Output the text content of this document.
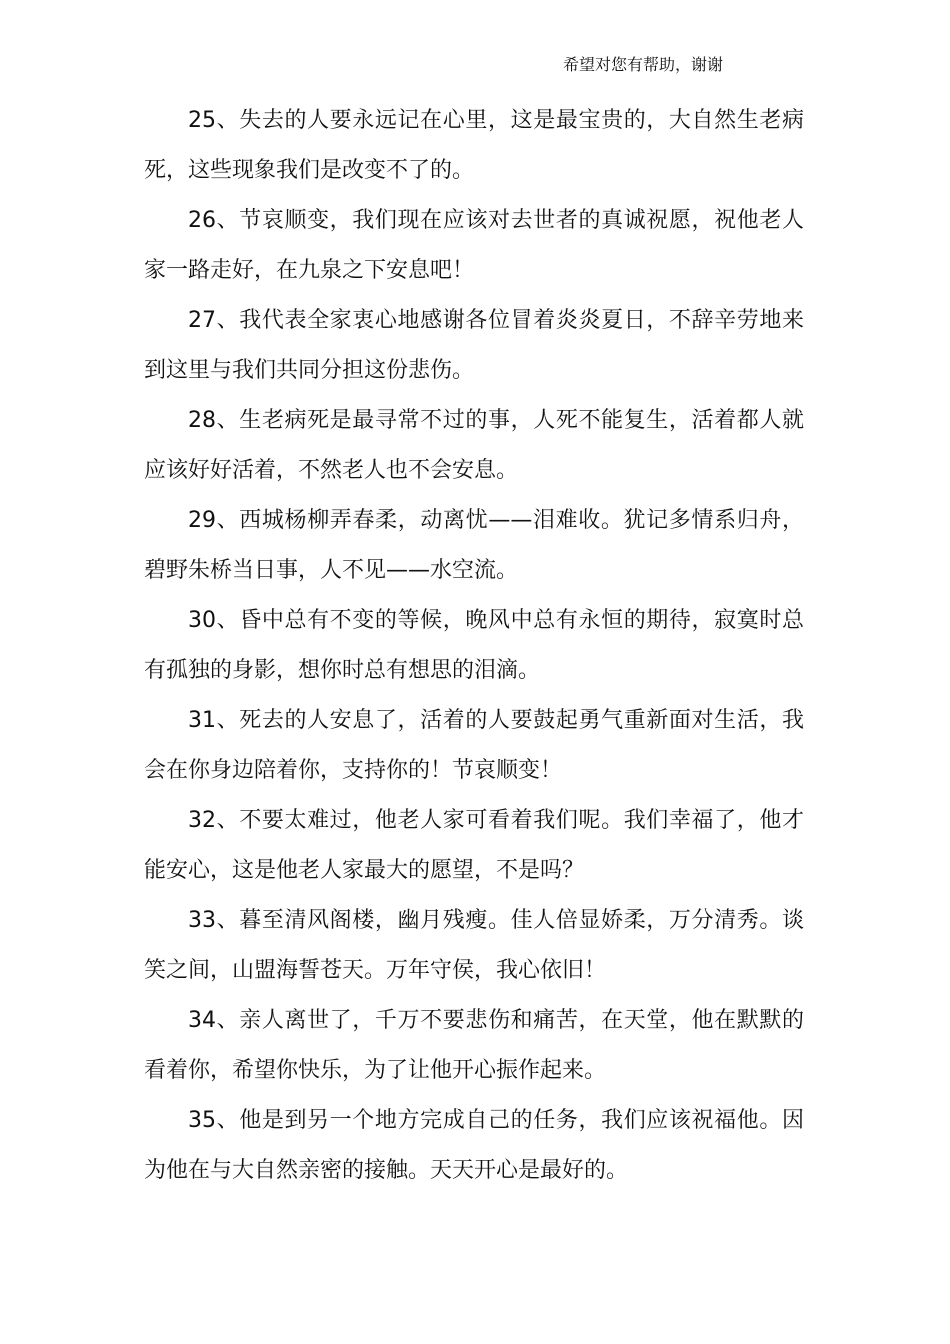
希望对您有帮助，谢谢

25、失去的人要永远记在心里，这是最宝贵的，大自然生老病死，这些现象我们是改变不了的。

26、节哀顺变，我们现在应该对去世者的真诚祝愿，祝他老人家一路走好，在九泉之下安息吧！

27、我代表全家衷心地感谢各位冒着炎炎夏日，不辞辛劳地来到这里与我们共同分担这份悲伤。

28、生老病死是最寻常不过的事，人死不能复生，活着都人就应该好好活着，不然老人也不会安息。

29、西城杨柳弄春柔，动离忧——泪难收。犹记多情系归舟，碧野朱桥当日事，人不见——水空流。

30、昏中总有不变的等候，晚风中总有永恒的期待，寂寞时总有孤独的身影，想你时总有想思的泪滴。

31、死去的人安息了，活着的人要鼓起勇气重新面对生活，我会在你身边陪着你，支持你的！节哀顺变！

32、不要太难过，他老人家可看着我们呢。我们幸福了，他才能安心，这是他老人家最大的愿望，不是吗？

33、暮至清风阁楼，幽月残瘦。佳人倍显娇柔，万分清秀。谈笑之间，山盟海誓苍天。万年守侯，我心依旧！

34、亲人离世了，千万不要悲伤和痛苦，在天堂，他在默默的看着你，希望你快乐，为了让他开心振作起来。

35、他是到另一个地方完成自己的任务，我们应该祝福他。因为他在与大自然亲密的接触。天天开心是最好的。
